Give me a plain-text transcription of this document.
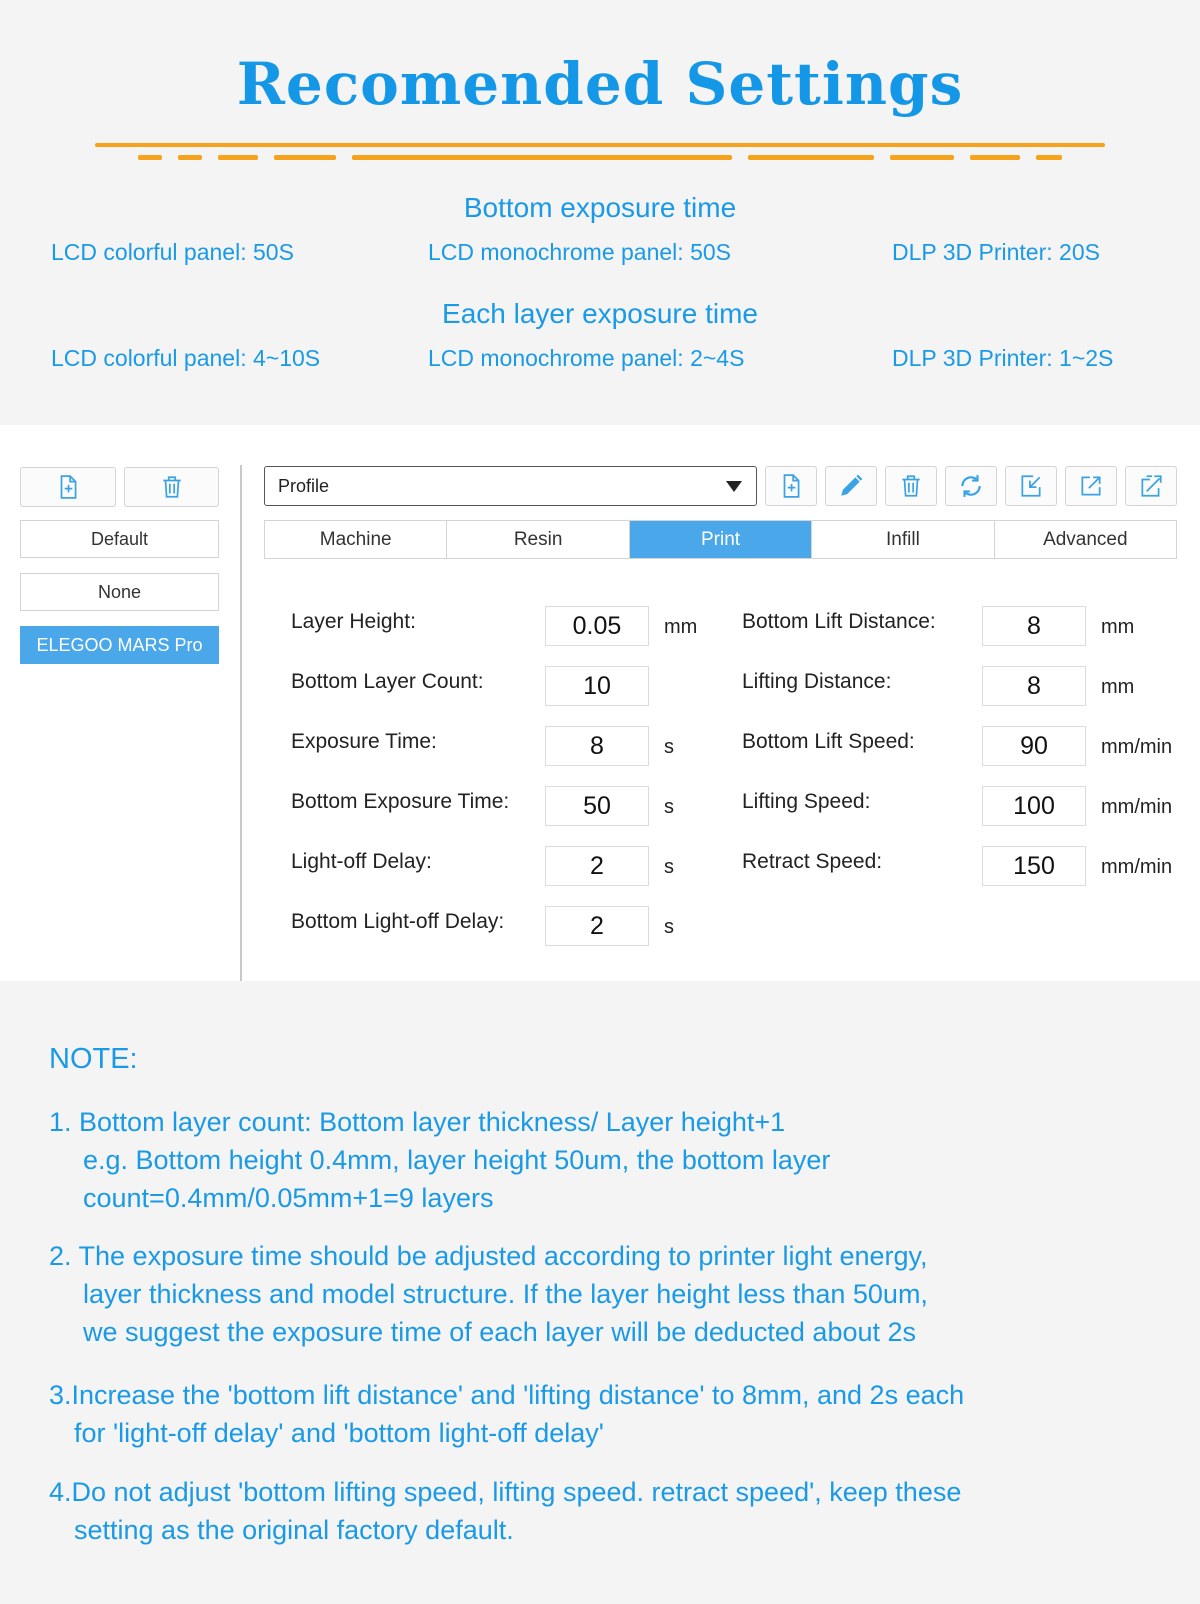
Recomended Settings
Bottom exposure time
LCD colorful panel: 50S	LCD monochrome panel: 50S	DLP 3D Printer: 20S
Each layer exposure time
LCD colorful panel: 4~10S	LCD monochrome panel: 2~4S	DLP 3D Printer: 1~2S
Default
None
ELEGOO MARS Pro
Profile
Machine	Resin	Print	Infill	Advanced
Layer Height:	0.05	mm
Bottom Layer Count:	10
Exposure Time:	8	s
Bottom Exposure Time:	50	s
Light-off Delay:	2	s
Bottom Light-off Delay:	2	s
Bottom Lift Distance:	8	mm
Lifting Distance:	8	mm
Bottom Lift Speed:	90	mm/min
Lifting Speed:	100	mm/min
Retract Speed:	150	mm/min
NOTE:
1. Bottom layer count: Bottom layer thickness/ Layer height+1
e.g. Bottom height 0.4mm, layer height 50um, the bottom layer
count=0.4mm/0.05mm+1=9 layers
2. The exposure time should be adjusted according to printer light energy,
layer thickness and model structure. If the layer height less than 50um,
we suggest the exposure time of each layer will be deducted about 2s
3.Increase the 'bottom lift distance' and 'lifting distance' to 8mm, and 2s each
for 'light-off delay' and 'bottom light-off delay'
4.Do not adjust 'bottom lifting speed, lifting speed. retract speed', keep these
setting as the original factory default.
